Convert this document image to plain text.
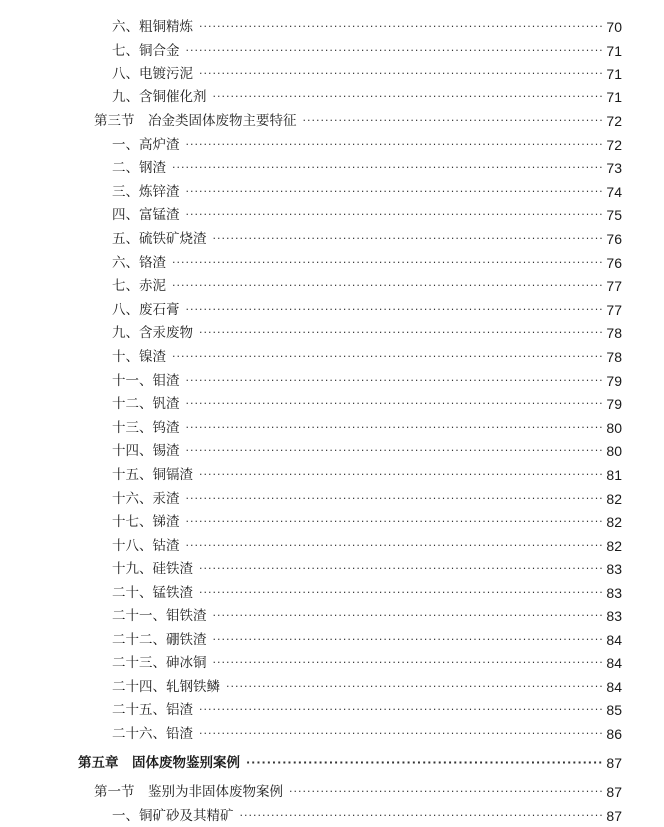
六、粗铜精炼 ·····	70
七、铜合金 ·····	71
八、电镀污泥 ·····	71
九、含铜催化剂 ·····	71
第三节　冶金类固体废物主要特征 ·····	72
一、高炉渣 ·····	72
二、钢渣 ·····	73
三、炼锌渣 ·····	74
四、富锰渣 ·····	75
五、硫铁矿烧渣 ·····	76
六、铬渣 ·····	76
七、赤泥 ·····	77
八、废石膏 ·····	77
九、含汞废物 ·····	78
十、镍渣 ·····	78
十一、钼渣 ·····	79
十二、钒渣 ·····	79
十三、钨渣 ·····	80
十四、锡渣 ·····	80
十五、铜镉渣 ·····	81
十六、汞渣 ·····	82
十七、锑渣 ·····	82
十八、钴渣 ·····	82
十九、硅铁渣 ·····	83
二十、锰铁渣 ·····	83
二十一、钼铁渣 ·····	83
二十二、硼铁渣 ·····	84
二十三、砷冰铜 ·····	84
二十四、轧钢铁鳞 ·····	84
二十五、铝渣 ·····	85
二十六、铅渣 ·····	86
第五章　固体废物鉴别案例 ·····	87
第一节　鉴别为非固体废物案例 ·····	87
一、铜矿砂及其精矿 ·····	87
